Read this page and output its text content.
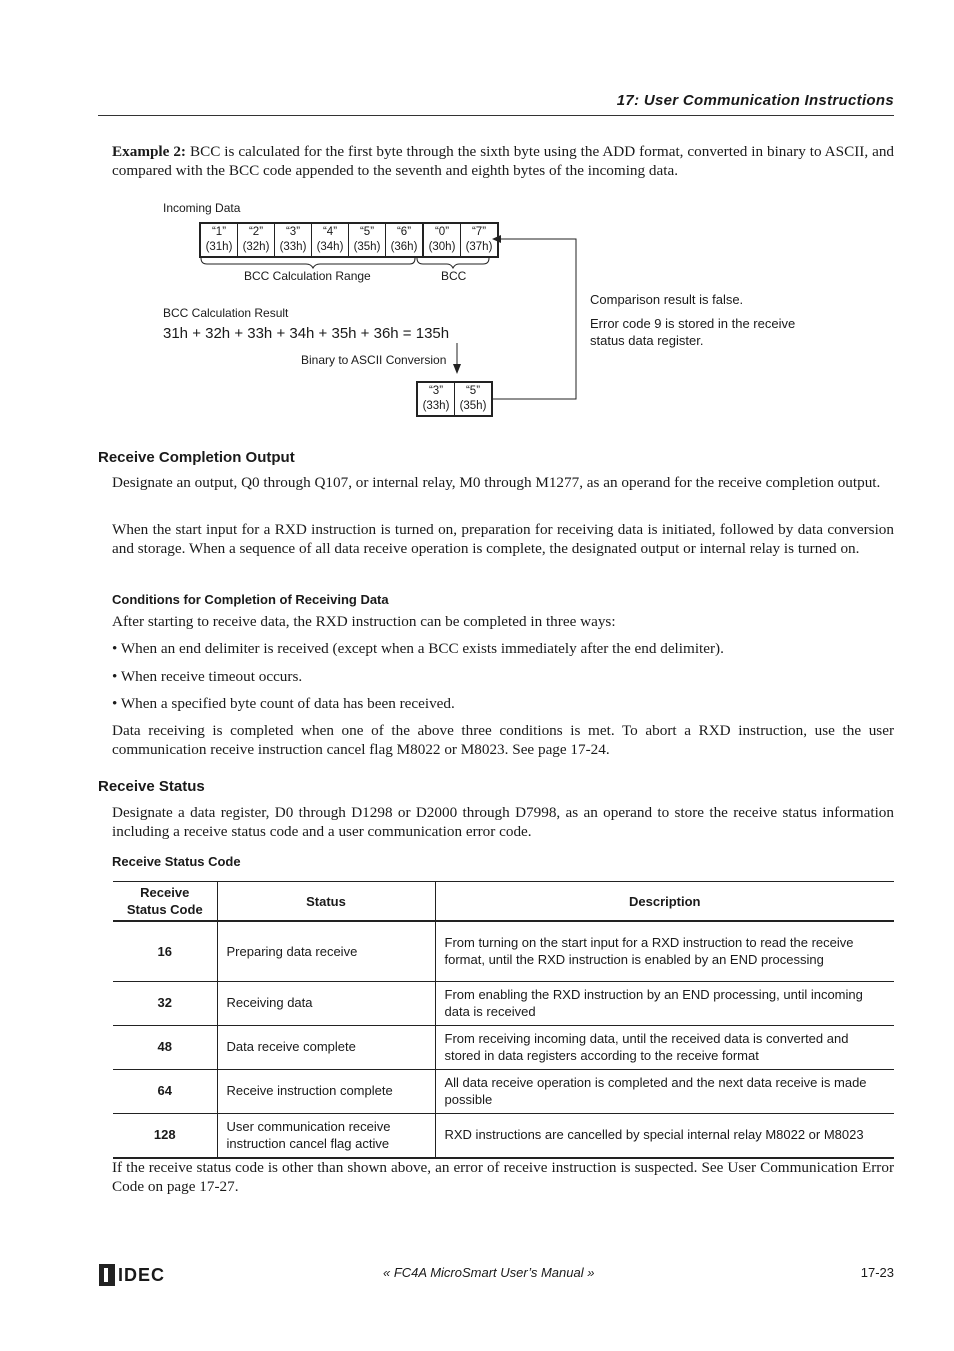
17: User Communication Instructions
Example 2: BCC is calculated for the first byte through the sixth byte using the ADD format, converted in binary to ASCII, and compared with the BCC code appended to the seventh and eighth bytes of the incoming data.
Incoming Data
“1”
(31h)
“2”
(32h)
“3”
(33h)
“4”
(34h)
“5”
(35h)
“6”
(36h)
“0”
(30h)
“7”
(37h)
BCC Calculation Range	BCC
BCC Calculation Result
31h + 32h + 33h + 34h + 35h + 36h = 135h
Binary to ASCII Conversion
“3”
(33h)
“5”
(35h)
Comparison result is false.
Error code 9 is stored in the receive
status data register.
Receive Completion Output
Designate an output, Q0 through Q107, or internal relay, M0 through M1277, as an operand for the receive completion output.
When the start input for a RXD instruction is turned on, preparation for receiving data is initiated, followed by data conversion and storage. When a sequence of all data receive operation is complete, the designated output or internal relay is turned on.
Conditions for Completion of Receiving Data
After starting to receive data, the RXD instruction can be completed in three ways:
• When an end delimiter is received (except when a BCC exists immediately after the end delimiter).
• When receive timeout occurs.
• When a specified byte count of data has been received.
Data receiving is completed when one of the above three conditions is met. To abort a RXD instruction, use the user communication receive instruction cancel flag M8022 or M8023. See page 17-24.
Receive Status
Designate a data register, D0 through D1298 or D2000 through D7998, as an operand to store the receive status information including a receive status code and a user communication error code.
Receive Status Code
Receive Status Code	Status	Description
16	Preparing data receive	From turning on the start input for a RXD instruction to read the receive format, until the RXD instruction is enabled by an END processing
32	Receiving data	From enabling the RXD instruction by an END processing, until incoming data is received
48	Data receive complete	From receiving incoming data, until the received data is converted and stored in data registers according to the receive format
64	Receive instruction complete	All data receive operation is completed and the next data receive is made possible
128	User communication receive instruction cancel flag active	RXD instructions are cancelled by special internal relay M8022 or M8023
If the receive status code is other than shown above, an error of receive instruction is suspected. See User Communication Error Code on page 17-27.
IDEC	« FC4A MicroSmart User’s Manual »	17-23
